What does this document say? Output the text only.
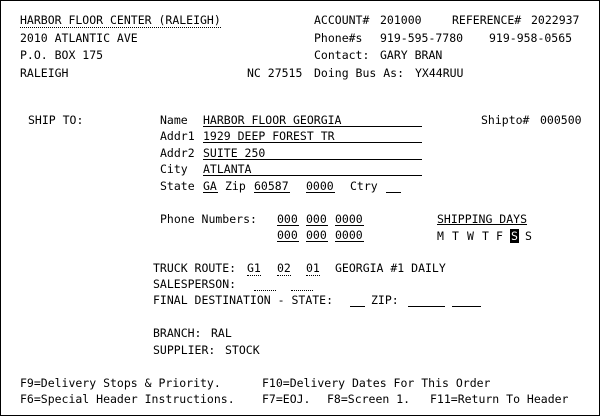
HARBOR FLOOR CENTER (RALEIGH)	ACCOUNT# 201000	REFERENCE# 2022937
2010 ATLANTIC AVE	Phone#s 919-595-7780 919-958-0565
P.O. BOX 175	Contact: GARY BRAN
RALEIGH	NC 27515 Doing Bus As: YX44RUU
SHIP TO:	Shipto# 000500
Name HARBOR FLOOR GEORGIA
Addr1 1929 DEEP FOREST TR
Addr2 SUITE 250
City ATLANTA
State GA Zip 60587 0000 Ctry
Phone Numbers: 000 000 0000
000 000 0000
SHIPPING DAYS
M T W T F S S
TRUCK ROUTE: G1 02 01 GEORGIA #1 DAILY
SALESPERSON:
FINAL DESTINATION - STATE:	ZIP:
BRANCH: RAL
SUPPLIER: STOCK
F9=Delivery Stops & Priority.	F10=Delivery Dates For This Order
F6=Special Header Instructions. F7=EOJ. F8=Screen 1. F11=Return To Header
